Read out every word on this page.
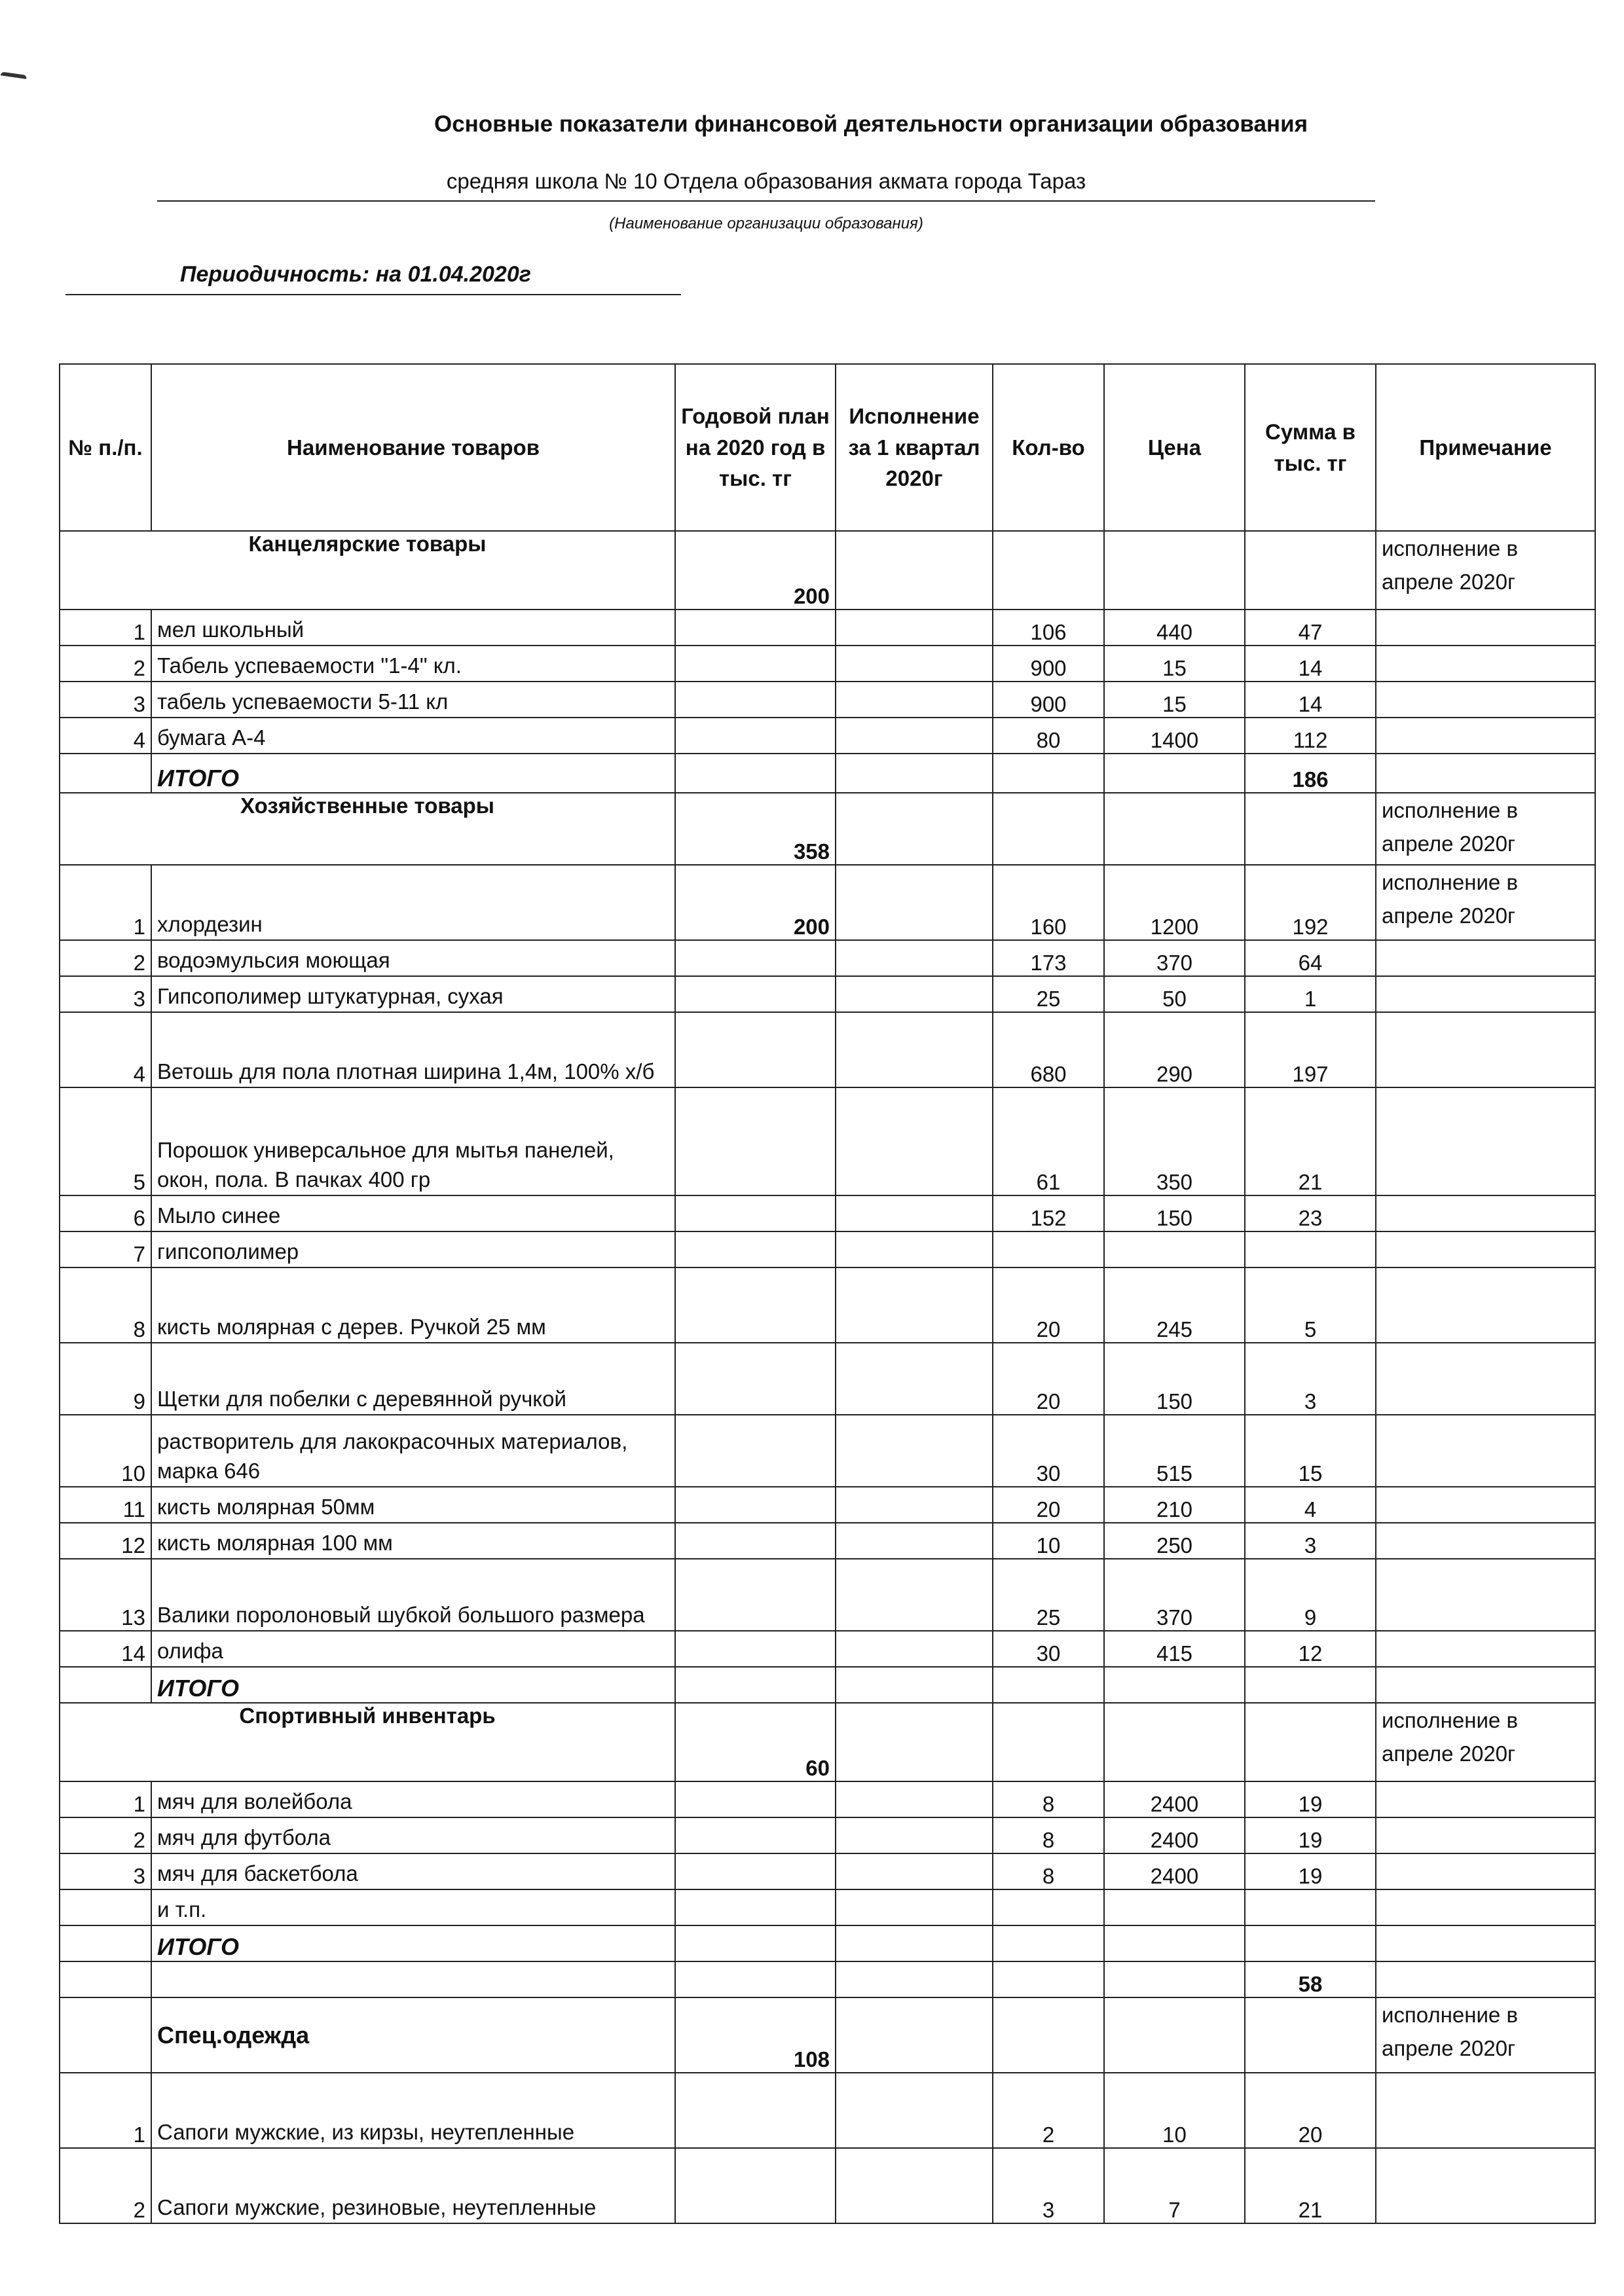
Основные показатели финансовой деятельности организации образования
средняя школа № 10 Отдела образования акмата города Тараз
(Наименование организации образования)
Периодичность: на 01.04.2020г
№ п./п.	Наименование товаров	Годовой план на 2020 год в тыс. тг	Исполнение за 1 квартал 2020г	Кол-во	Цена	Сумма в тыс. тг	Примечание
Канцелярские товары		200					исполнение в апреле 2020г
1	мел школьный			106	440	47	
2	Табель успеваемости "1-4" кл.			900	15	14	
3	табель успеваемости 5-11 кл			900	15	14	
4	бумага А-4			80	1400	112	
	ИТОГО					186	
Хозяйственные товары		358					исполнение в апреле 2020г
1	хлордезин	200		160	1200	192	исполнение в апреле 2020г
2	водоэмульсия моющая			173	370	64	
3	Гипсополимер штукатурная, сухая			25	50	1	
4	Ветошь для пола плотная ширина 1,4м, 100% х/б			680	290	197	
5	Порошок универсальное для мытья панелей, окон, пола. В пачках 400 гр			61	350	21	
6	Мыло синее			152	150	23	
7	гипсополимер						
8	кисть молярная с дерев. Ручкой 25 мм			20	245	5	
9	Щетки для побелки с деревянной ручкой			20	150	3	
10	растворитель для лакокрасочных материалов, марка 646			30	515	15	
11	кисть молярная 50мм			20	210	4	
12	кисть молярная 100 мм			10	250	3	
13	Валики поролоновый шубкой большого размера			25	370	9	
14	олифа			30	415	12	
	ИТОГО						
Спортивный инвентарь		60					исполнение в апреле 2020г
1	мяч для волейбола			8	2400	19	
2	мяч для футбола			8	2400	19	
3	мяч для баскетбола			8	2400	19	
	и т.п.						
	ИТОГО						
						58	
	Спец.одежда	108					исполнение в апреле 2020г
1	Сапоги мужские, из кирзы, неутепленные			2	10	20	
2	Сапоги мужские, резиновые, неутепленные			3	7	21	
